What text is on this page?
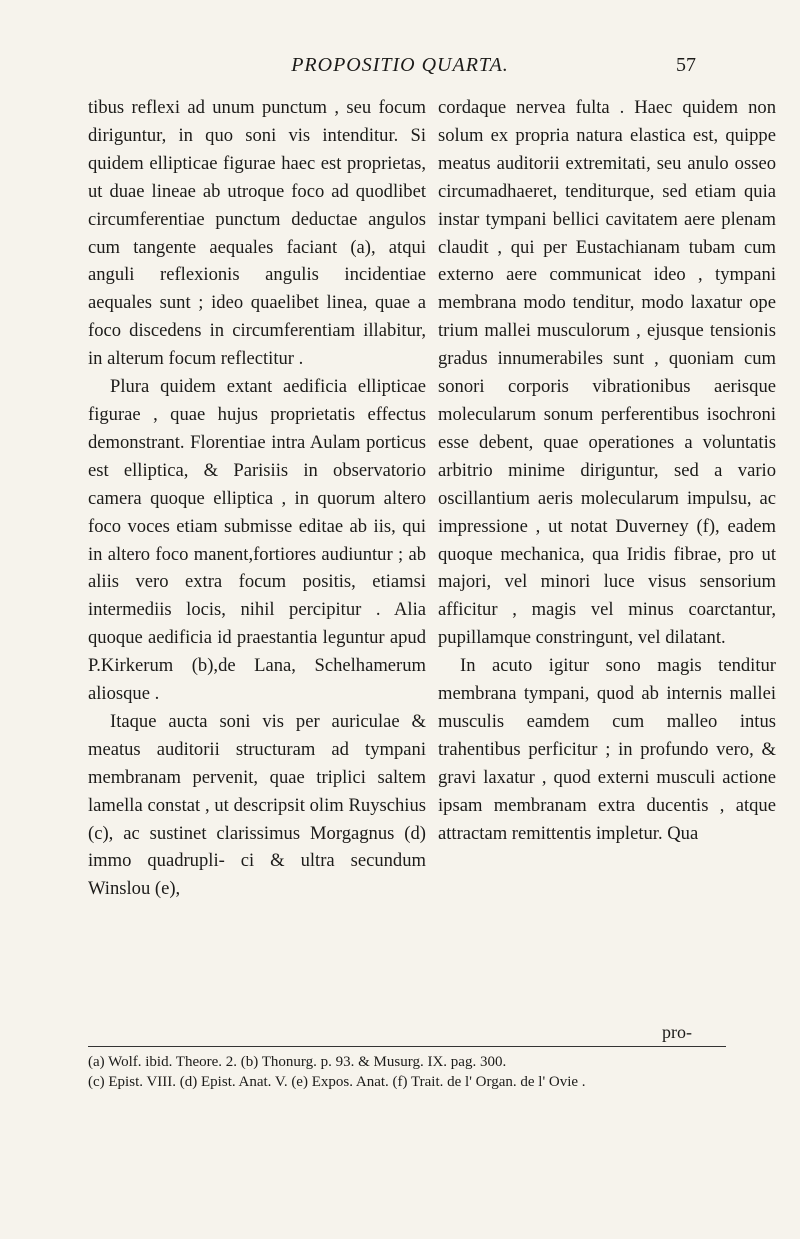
PROPOSITIO QUARTA.	57

tibus reflexi ad unum punctum , seu focum diriguntur, in quo soni vis intenditur. Si quidem ellipticae figurae haec est proprietas, ut duae lineae ab utroque foco ad quodlibet circumferentiae punctum deductae angulos cum tangente aequales faciant (a), atqui anguli reflexionis angulis incidentiae aequales sunt ; ideo quaelibet linea, quae a foco discedens in circumferentiam illabitur, in alterum focum reflectitur .

Plura quidem extant aedificia ellipticae figurae , quae hujus proprietatis effectus demonstrant. Florentiae intra Aulam porticus est elliptica, & Parisiis in observatorio camera quoque elliptica , in quorum altero foco voces etiam submisse editae ab iis, qui in altero foco manent,fortiores audiuntur ; ab aliis vero extra focum positis, etiamsi intermediis locis, nihil percipitur . Alia quoque aedificia id praestantia leguntur apud P.Kirkerum (b),de Lana, Schelhamerum aliosque .

Itaque aucta soni vis per auriculae & meatus auditorii structuram ad tympani membranam pervenit, quae triplici saltem lamella constat , ut descripsit olim Ruyschius (c), ac sustinet clarissimus Morgagnus (d) immo quadrupli- ci & ultra secundum Winslou (e),

cordaque nervea fulta . Haec quidem non solum ex propria natura elastica est, quippe meatus auditorii extremitati, seu anulo osseo circumadhaeret, tenditurque, sed etiam quia instar tympani bellici cavitatem aere plenam claudit , qui per Eustachianam tubam cum externo aere communicat ideo , tympani membrana modo tenditur, modo laxatur ope trium mallei musculorum , ejusque tensionis gradus innumerabiles sunt , quoniam cum sonori corporis vibrationibus aerisque molecularum sonum perferentibus isochroni esse debent, quae operationes a voluntatis arbitrio minime diriguntur, sed a vario oscillantium aeris molecularum impulsu, ac impressione , ut notat Duverney (f), eadem quoque mechanica, qua Iridis fibrae, pro ut majori, vel minori luce visus sensorium afficitur , magis vel minus coarctantur, pupillamque constringunt, vel dilatant.

In acuto igitur sono magis tenditur membrana tympani, quod ab internis mallei musculis eamdem cum malleo intus trahentibus perficitur ; in profundo vero, & gravi laxatur , quod externi musculi actione ipsam membranam extra ducentis , atque attractam remittentis impletur. Qua

pro-
(a) Wolf. ibid. Theore. 2. (b) Thonurg. p. 93. & Musurg. IX. pag. 300.
(c) Epist. VIII. (d) Epist. Anat. V. (e) Expos. Anat. (f) Trait. de l' Organ. de l' Ovie .
